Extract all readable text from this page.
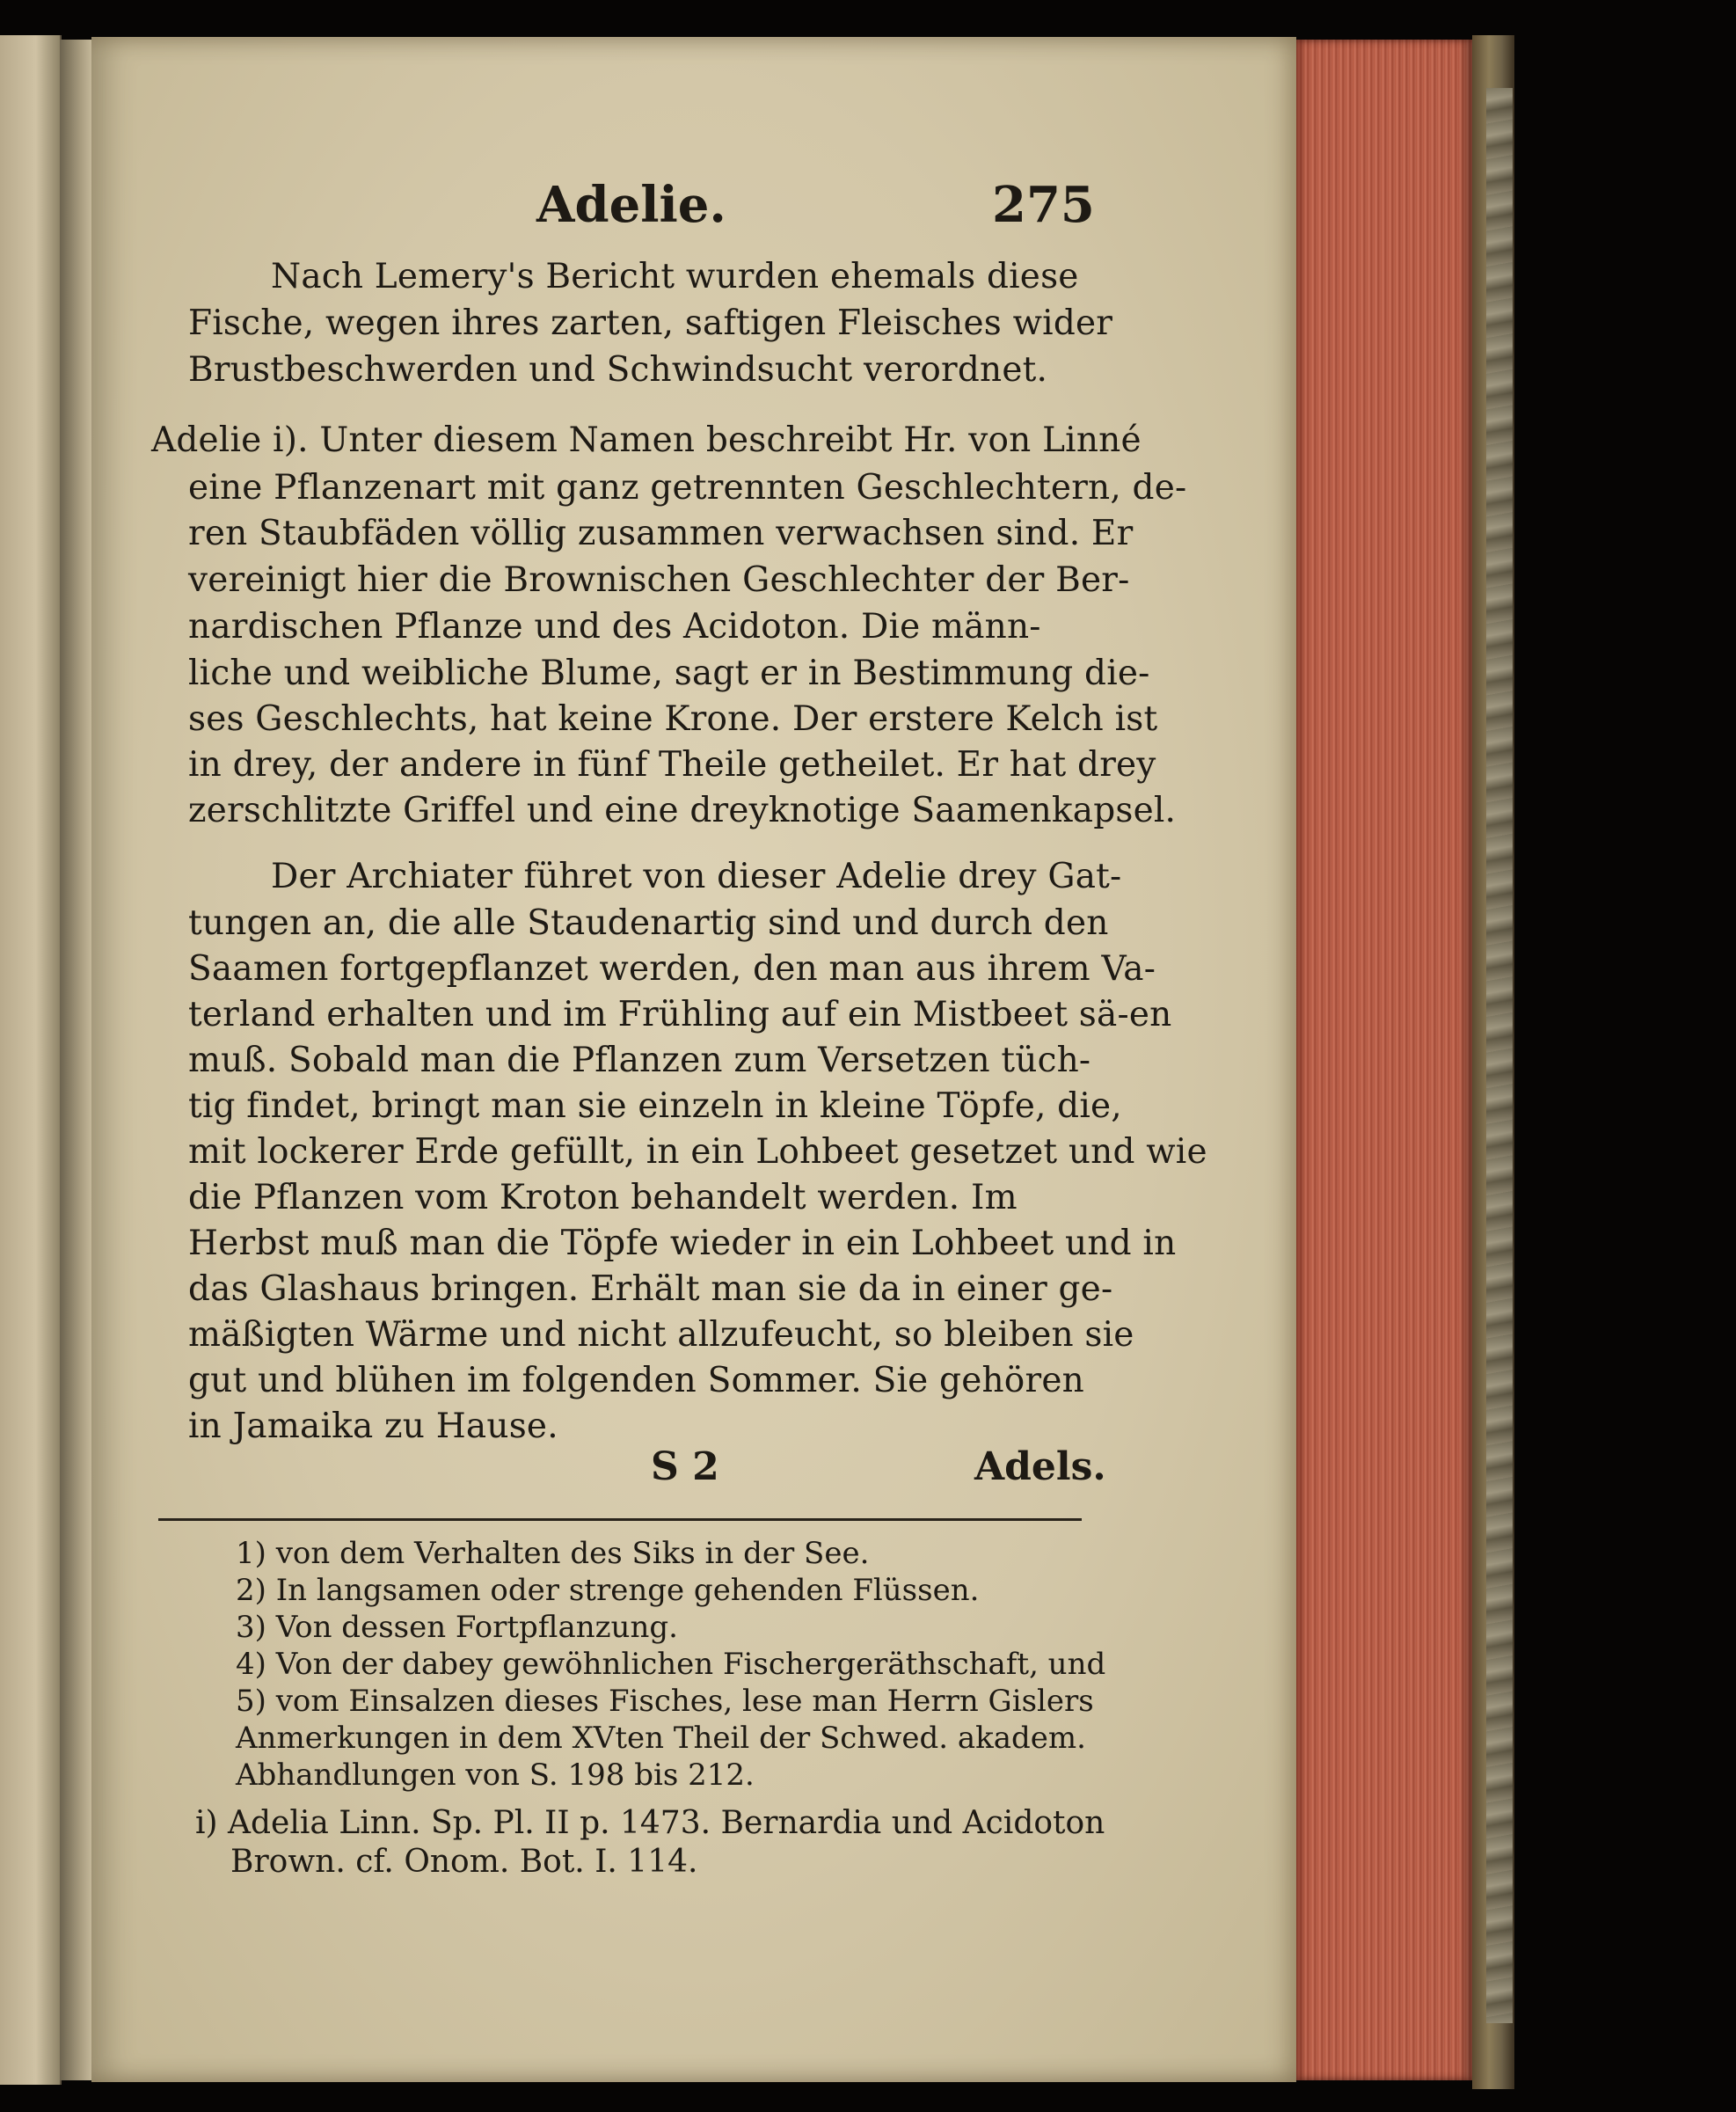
Adelie.	275
Nach Lemery's Bericht wurden ehemals diese
Fische, wegen ihres zarten, saftigen Fleisches wider
Brustbeschwerden und Schwindsucht verordnet.
Adelie i). Unter diesem Namen beschreibt Hr. von Linné
eine Pflanzenart mit ganz getrennten Geschlechtern, de-
ren Staubfäden völlig zusammen verwachsen sind. Er
vereinigt hier die Brownischen Geschlechter der Ber-
nardischen Pflanze und des Acidoton. Die männ-
liche und weibliche Blume, sagt er in Bestimmung die-
ses Geschlechts, hat keine Krone. Der erstere Kelch ist
in drey, der andere in fünf Theile getheilet. Er hat drey
zerschlitzte Griffel und eine dreyknotige Saamenkapsel.
Der Archiater führet von dieser Adelie drey Gat-
tungen an, die alle Staudenartig sind und durch den
Saamen fortgepflanzet werden, den man aus ihrem Va-
terland erhalten und im Frühling auf ein Mistbeet sä-en
muß. Sobald man die Pflanzen zum Versetzen tüch-
tig findet, bringt man sie einzeln in kleine Töpfe, die,
mit lockerer Erde gefüllt, in ein Lohbeet gesetzet und wie
die Pflanzen vom Kroton behandelt werden. Im
Herbst muß man die Töpfe wieder in ein Lohbeet und in
das Glashaus bringen. Erhält man sie da in einer ge-
mäßigten Wärme und nicht allzufeucht, so bleiben sie
gut und blühen im folgenden Sommer. Sie gehören
in Jamaika zu Hause.
S 2	Adels.
1) von dem Verhalten des Siks in der See.
2) In langsamen oder strenge gehenden Flüssen.
3) Von dessen Fortpflanzung.
4) Von der dabey gewöhnlichen Fischergeräthschaft, und
5) vom Einsalzen dieses Fisches, lese man Herrn Gislers
Anmerkungen in dem XVten Theil der Schwed. akadem.
Abhandlungen von S. 198 bis 212.
i) Adelia Linn. Sp. Pl. II p. 1473. Bernardia und Acidoton
Brown. cf. Onom. Bot. I. 114.
